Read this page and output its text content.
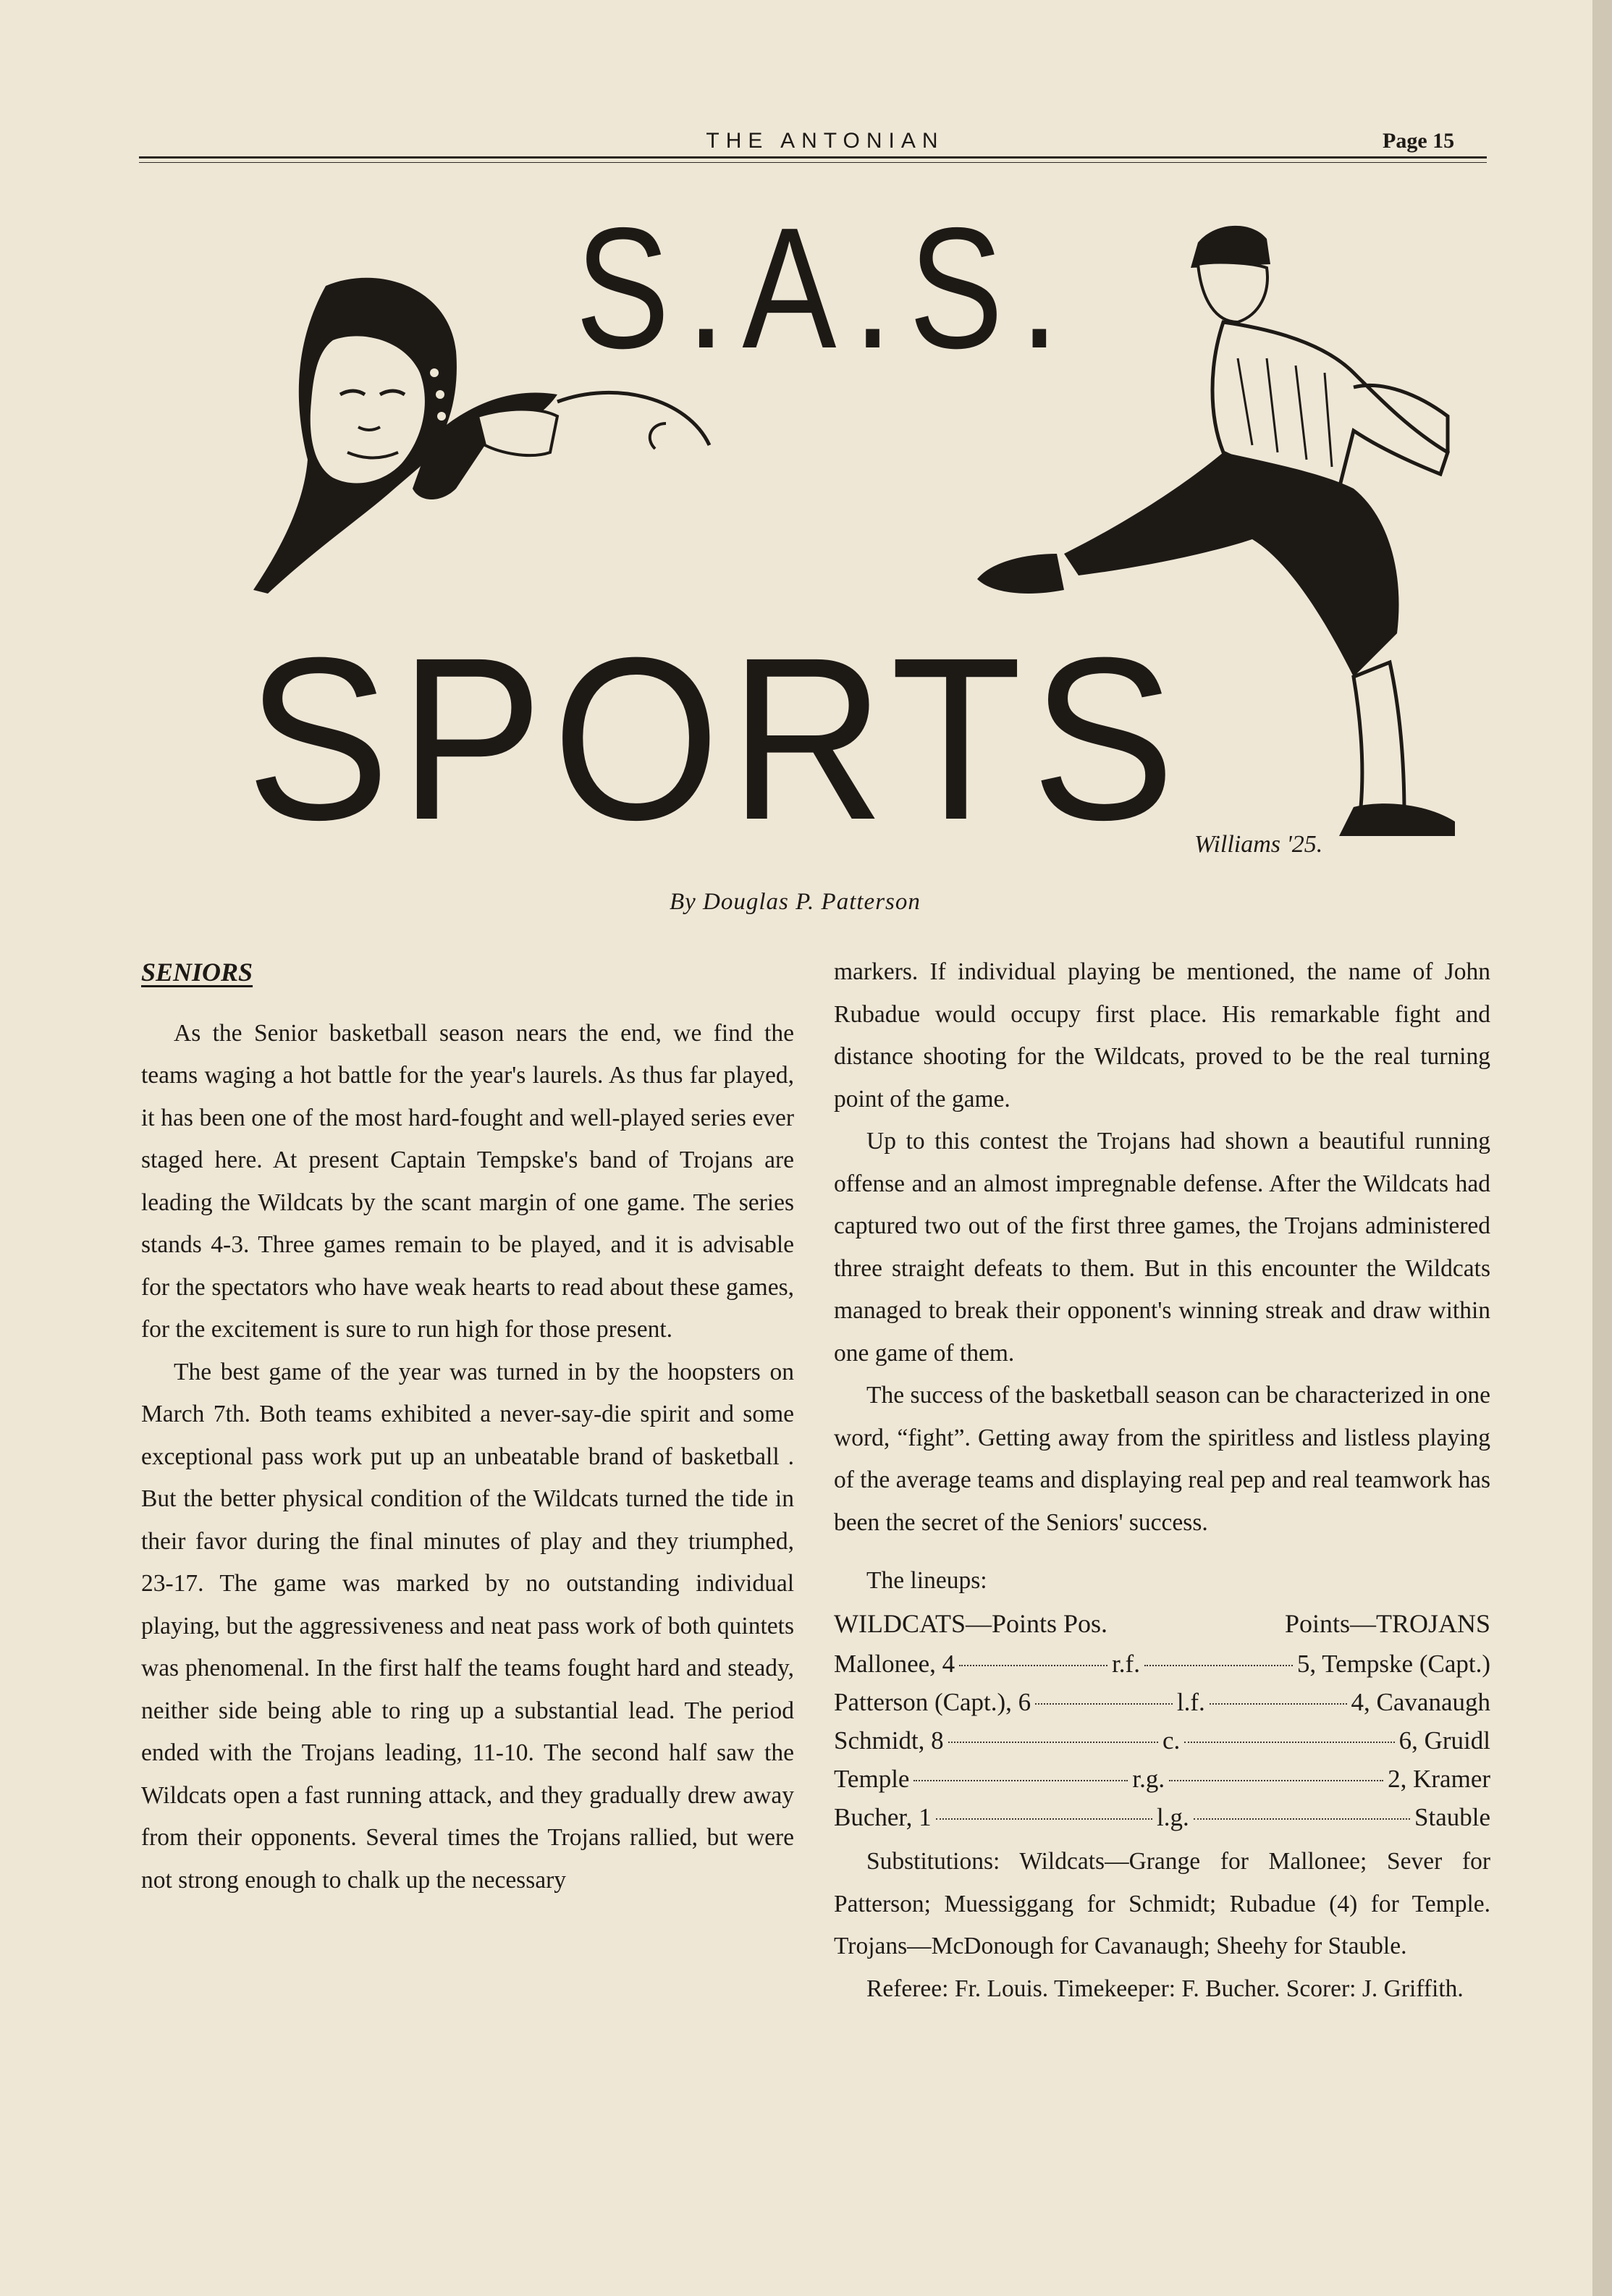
THE ANTONIAN	Page 15
S.A.S.
SPORTS Williams '25.
By Douglas P. Patterson

SENIORS

As the Senior basketball season nears the end, we find the teams waging a hot battle for the year's laurels. As thus far played, it has been one of the most hard-fought and well-played series ever staged here. At present Captain Tempske's band of Trojans are leading the Wildcats by the scant margin of one game. The series stands 4-3. Three games remain to be played, and it is advisable for the spectators who have weak hearts to read about these games, for the excitement is sure to run high for those present.

The best game of the year was turned in by the hoopsters on March 7th. Both teams exhibited a never-say-die spirit and some exceptional pass work put up an unbeatable brand of basketball . But the better physical condition of the Wildcats turned the tide in their favor during the final minutes of play and they triumphed, 23-17. The game was marked by no outstanding individual playing, but the aggressiveness and neat pass work of both quintets was phenomenal. In the first half the teams fought hard and steady, neither side being able to ring up a substantial lead. The period ended with the Trojans leading, 11-10. The second half saw the Wildcats open a fast running attack, and they gradually drew away from their opponents. Several times the Trojans rallied, but were not strong enough to chalk up the necessary

markers. If individual playing be mentioned, the name of John Rubadue would occupy first place. His remarkable fight and distance shooting for the Wildcats, proved to be the real turning point of the game.

Up to this contest the Trojans had shown a beautiful running offense and an almost impregnable defense. After the Wildcats had captured two out of the first three games, the Trojans administered three straight defeats to them. But in this encounter the Wildcats managed to break their opponent's winning streak and draw within one game of them.

The success of the basketball season can be characterized in one word, “fight”. Getting away from the spiritless and listless playing of the average teams and displaying real pep and real teamwork has been the secret of the Seniors' success.

The lineups:

WILDCATS—Points Pos.	Points—TROJANS
Mallonee, 4	r.f.	5, Tempske (Capt.)
Patterson (Capt.), 6	l.f.	4, Cavanaugh
Schmidt, 8	c.	6, Gruidl
Temple	r.g.	2, Kramer
Bucher, 1	l.g.	Stauble

Substitutions: Wildcats—Grange for Mallonee; Sever for Patterson; Muessiggang for Schmidt; Rubadue (4) for Temple. Trojans—McDonough for Cavanaugh; Sheehy for Stauble.

Referee: Fr. Louis. Timekeeper: F. Bucher. Scorer: J. Griffith.
